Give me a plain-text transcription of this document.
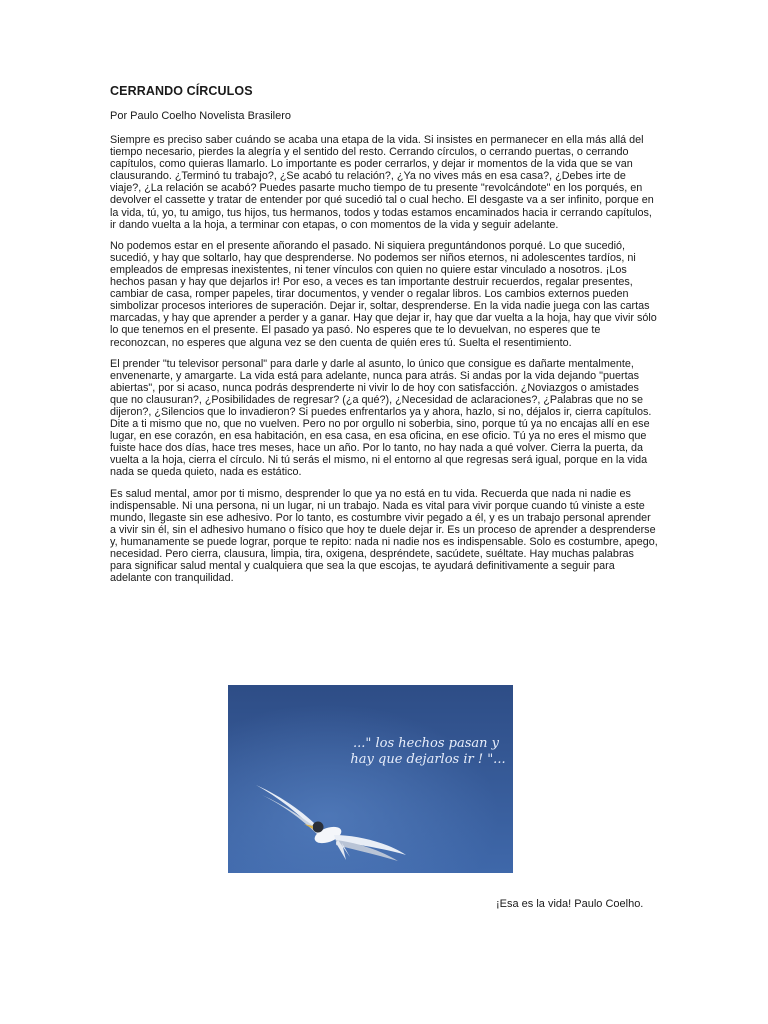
CERRANDO CÍRCULOS

Por Paulo Coelho Novelista Brasilero

Siempre es preciso saber cuándo se acaba una etapa de la vida. Si insistes en permanecer en ella más allá del tiempo necesario, pierdes la alegría y el sentido del resto. Cerrando círculos, o cerrando puertas, o cerrando capítulos, como quieras llamarlo. Lo importante es poder cerrarlos, y dejar ir momentos de la vida que se van clausurando. ¿Terminó tu trabajo?, ¿Se acabó tu relación?, ¿Ya no vives más en esa casa?, ¿Debes irte de viaje?, ¿La relación se acabó? Puedes pasarte mucho tiempo de tu presente "revolcándote" en los porqués, en devolver el cassette y tratar de entender por qué sucedió tal o cual hecho. El desgaste va a ser infinito, porque en la vida, tú, yo, tu amigo, tus hijos, tus hermanos, todos y todas estamos encaminados hacia ir cerrando capítulos, ir dando vuelta a la hoja, a terminar con etapas, o con momentos de la vida y seguir adelante.

No podemos estar en el presente añorando el pasado. Ni siquiera preguntándonos porqué. Lo que sucedió, sucedió, y hay que soltarlo, hay que desprenderse. No podemos ser niños eternos, ni adolescentes tardíos, ni empleados de empresas inexistentes, ni tener vínculos con quien no quiere estar vinculado a nosotros. ¡Los hechos pasan y hay que dejarlos ir! Por eso, a veces es tan importante destruir recuerdos, regalar presentes, cambiar de casa, romper papeles, tirar documentos, y vender o regalar libros. Los cambios externos pueden simbolizar procesos interiores de superación. Dejar ir, soltar, desprenderse. En la vida nadie juega con las cartas marcadas, y hay que aprender a perder y a ganar. Hay que dejar ir, hay que dar vuelta a la hoja, hay que vivir sólo lo que tenemos en el presente. El pasado ya pasó. No esperes que te lo devuelvan, no esperes que te reconozcan, no esperes que alguna vez se den cuenta de quién eres tú. Suelta el resentimiento.

El prender "tu televisor personal" para darle y darle al asunto, lo único que consigue es dañarte mentalmente, envenenarte, y amargarte. La vida está para adelante, nunca para atrás. Si andas por la vida dejando "puertas abiertas", por si acaso, nunca podrás desprenderte ni vivir lo de hoy con satisfacción. ¿Noviazgos o amistades que no clausuran?, ¿Posibilidades de regresar? (¿a qué?), ¿Necesidad de aclaraciones?, ¿Palabras que no se dijeron?, ¿Silencios que lo invadieron? Si puedes enfrentarlos ya y ahora, hazlo, si no, déjalos ir, cierra capítulos. Dite a ti mismo que no, que no vuelven. Pero no por orgullo ni soberbia, sino, porque tú ya no encajas allí en ese lugar, en ese corazón, en esa habitación, en esa casa, en esa oficina, en ese oficio. Tú ya no eres el mismo que fuiste hace dos días, hace tres meses, hace un año. Por lo tanto, no hay nada a qué volver. Cierra la puerta, da vuelta a la hoja, cierra el círculo. Ni tú serás el mismo, ni el entorno al que regresas será igual, porque en la vida nada se queda quieto, nada es estático.

Es salud mental, amor por ti mismo, desprender lo que ya no está en tu vida. Recuerda que nada ni nadie es indispensable. Ni una persona, ni un lugar, ni un trabajo. Nada es vital para vivir porque cuando tú viniste a este mundo, llegaste sin ese adhesivo. Por lo tanto, es costumbre vivir pegado a él, y es un trabajo personal aprender a vivir sin él, sin el adhesivo humano o físico que hoy te duele dejar ir. Es un proceso de aprender a desprenderse y, humanamente se puede lograr, porque te repito: nada ni nadie nos es indispensable. Solo es costumbre, apego, necesidad. Pero cierra, clausura, limpia, tira, oxigena, despréndete, sacúdete, suéltate. Hay muchas palabras para significar salud mental y cualquiera que sea la que escojas, te ayudará definitivamente a seguir para adelante con tranquilidad.

..." los hechos pasan y
hay que dejarlos ir ! "...
¡Esa es la vida! Paulo Coelho.
